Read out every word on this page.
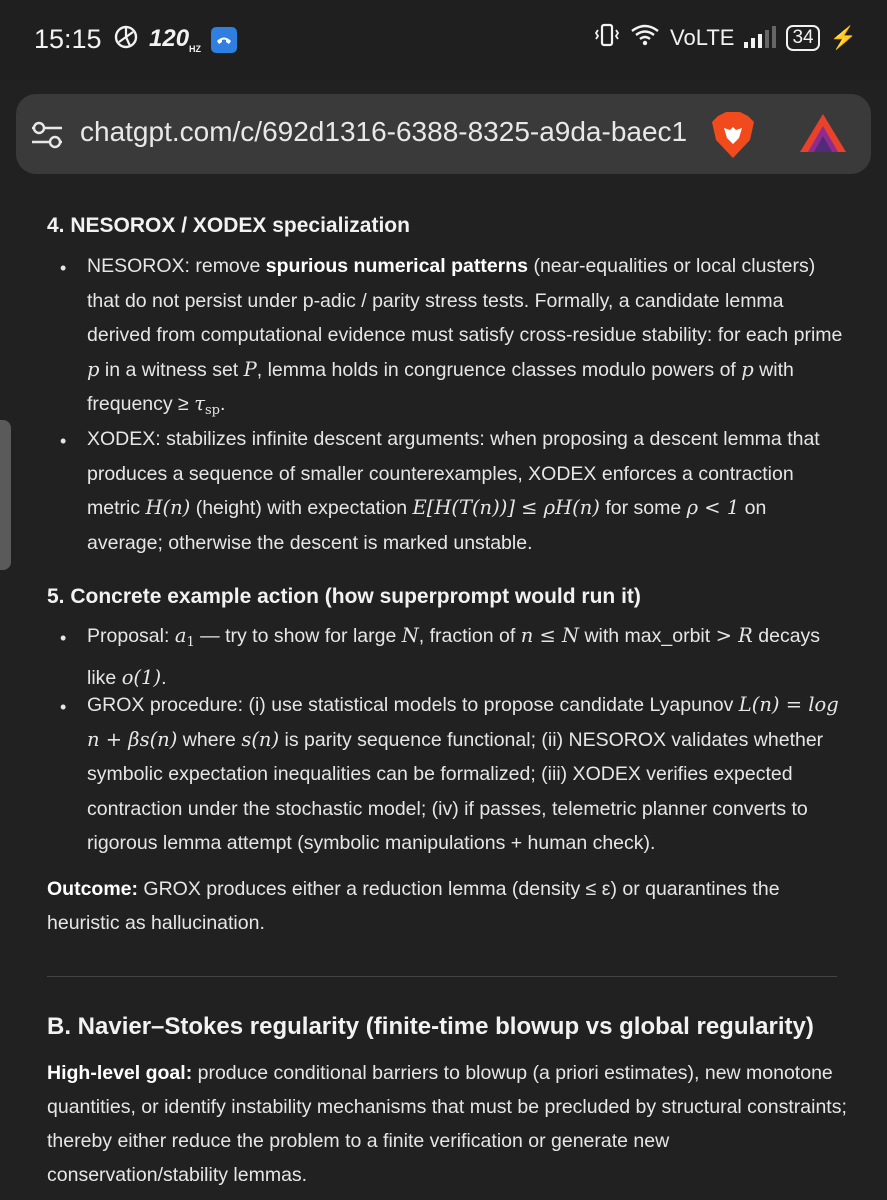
15:15 $120_{HZ}$	VoLTE	34 ⚡
chatgpt.com/c/692d1316-6388-8325-a9da-baec1
4. NESOROX / XODEX specialization
• NESOROX: remove spurious numerical patterns (near-equalities or local clusters) that do not persist under p-adic / parity stress tests. Formally, a candidate lemma derived from computational evidence must satisfy cross-residue stability: for each prime p in a witness set P, lemma holds in congruence classes modulo powers of p with frequency ≥ $\tau_{sp}$.
• XODEX: stabilizes infinite descent arguments: when proposing a descent lemma that produces a sequence of smaller counterexamples, XODEX enforces a contraction metric H(n) (height) with expectation E[H(T(n))] ≤ ρH(n) for some ρ < 1 on average; otherwise the descent is marked unstable.
5. Concrete example action (how superprompt would run it)
• Proposal: $a_1$ — try to show for large N, fraction of n ≤ N with max_orbit > R decays like o(1).
• GROX procedure: (i) use statistical models to propose candidate Lyapunov L(n) = log n + βs(n) where s(n) is parity sequence functional; (ii) NESOROX validates whether symbolic expectation inequalities can be formalized; (iii) XODEX verifies expected contraction under the stochastic model; (iv) if passes, telemetric planner converts to rigorous lemma attempt (symbolic manipulations + human check).
Outcome: GROX produces either a reduction lemma (density ≤ ε) or quarantines the heuristic as hallucination.
B. Navier–Stokes regularity (finite-time blowup vs global regularity)
High-level goal: produce conditional barriers to blowup (a priori estimates), new monotone quantities, or identify instability mechanisms that must be precluded by structural constraints; thereby either reduce the problem to a finite verification or generate new conservation/stability lemmas.
